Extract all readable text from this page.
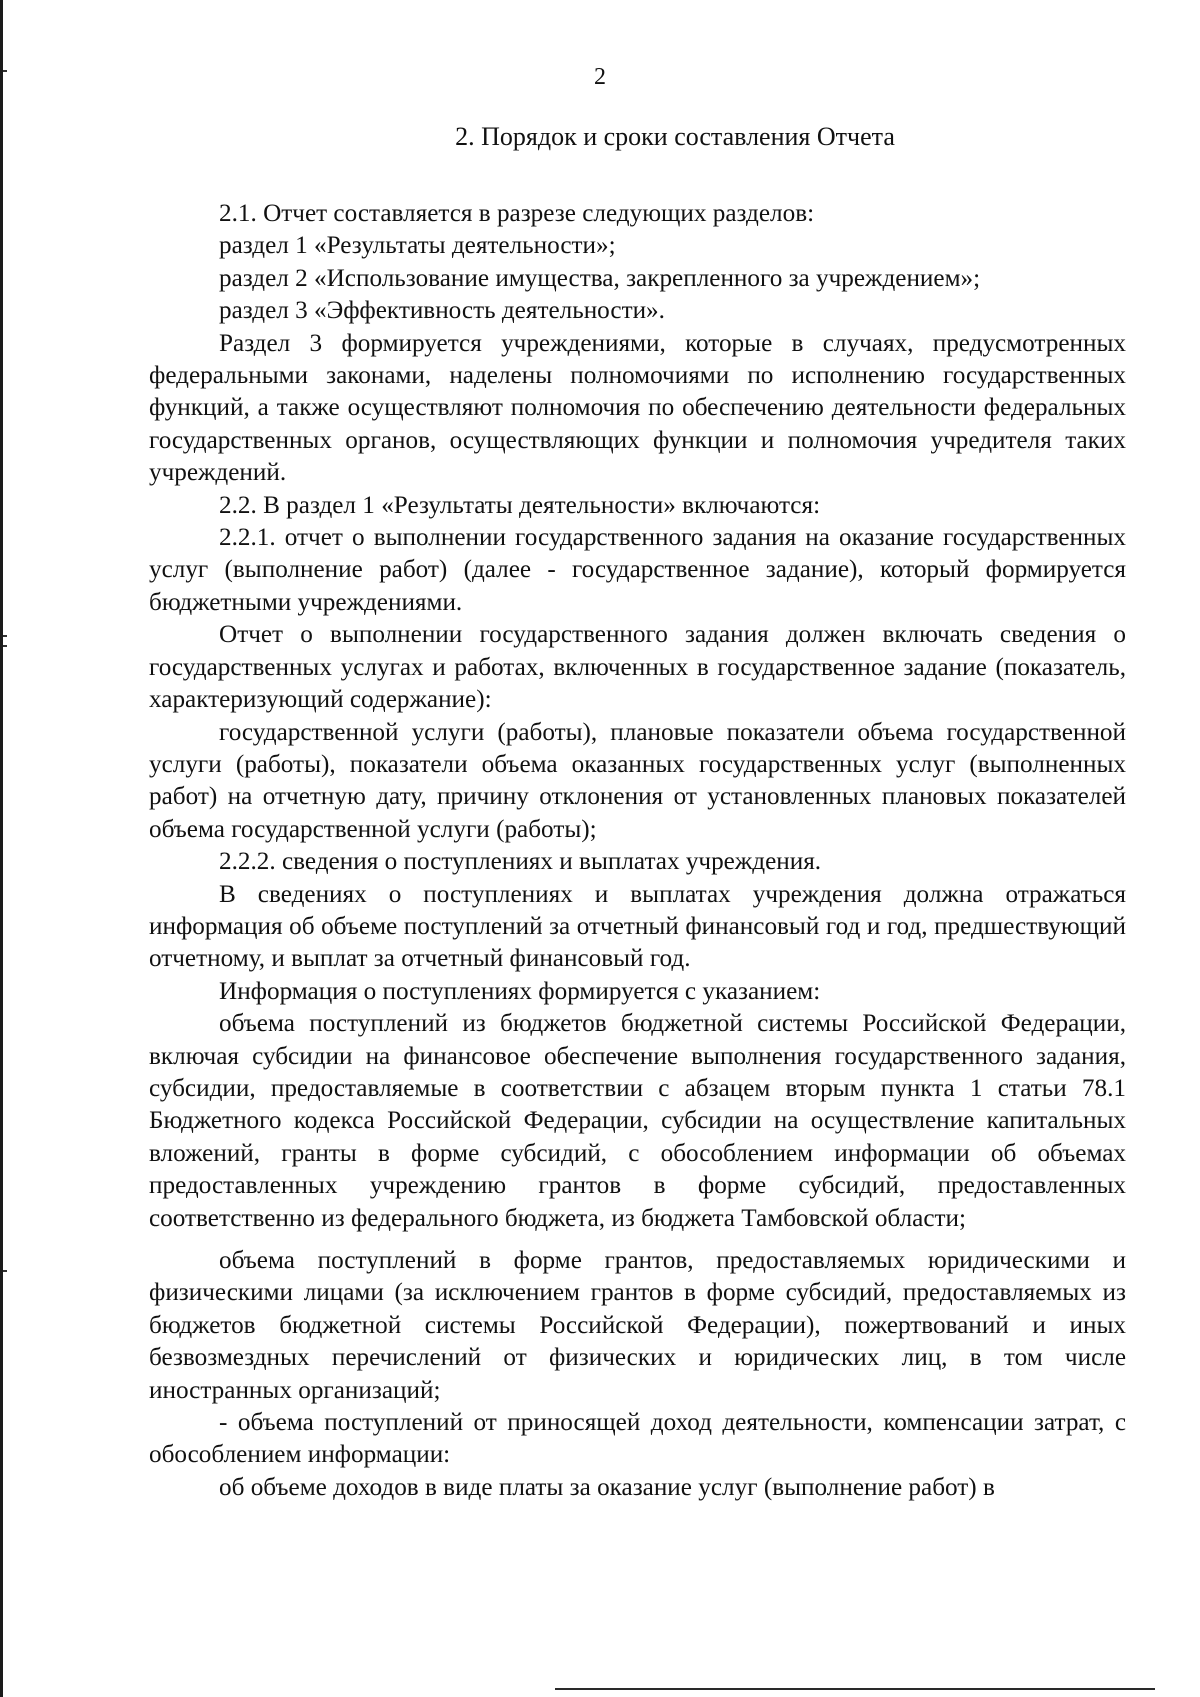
2
2. Порядок и сроки составления Отчета

2.1. Отчет составляется в разрезе следующих разделов:

раздел 1 «Результаты деятельности»;

раздел 2 «Использование имущества, закрепленного за учреждением»;

раздел 3 «Эффективность деятельности».

Раздел 3 формируется учреждениями, которые в случаях, предусмотренных федеральными законами, наделены полномочиями по исполнению государственных функций, а также осуществляют полномочия по обеспечению деятельности федеральных государственных органов, осуществляющих функции и полномочия учредителя таких учреждений.

2.2. В раздел 1 «Результаты деятельности» включаются:

2.2.1. отчет о выполнении государственного задания на оказание государственных услуг (выполнение работ) (далее - государственное задание), который формируется бюджетными учреждениями.

Отчет о выполнении государственного задания должен включать сведения о государственных услугах и работах, включенных в государственное задание (показатель, характеризующий содержание):

государственной услуги (работы), плановые показатели объема государственной услуги (работы), показатели объема оказанных государственных услуг (выполненных работ) на отчетную дату, причину отклонения от установленных плановых показателей объема государственной услуги (работы);

2.2.2. сведения о поступлениях и выплатах учреждения.

В сведениях о поступлениях и выплатах учреждения должна отражаться информация об объеме поступлений за отчетный финансовый год и год, предшествующий отчетному, и выплат за отчетный финансовый год.

Информация о поступлениях формируется с указанием:

объема поступлений из бюджетов бюджетной системы Российской Федерации, включая субсидии на финансовое обеспечение выполнения государственного задания, субсидии, предоставляемые в соответствии с абзацем вторым пункта 1 статьи 78.1 Бюджетного кодекса Российской Федерации, субсидии на осуществление капитальных вложений, гранты в форме субсидий, с обособлением информации об объемах предоставленных учреждению грантов в форме субсидий, предоставленных соответственно из федерального бюджета, из бюджета Тамбовской области;

объема поступлений в форме грантов, предоставляемых юридическими и физическими лицами (за исключением грантов в форме субсидий, предоставляемых из бюджетов бюджетной системы Российской Федерации), пожертвований и иных безвозмездных перечислений от физических и юридических лиц, в том числе иностранных организаций;

- объема поступлений от приносящей доход деятельности, компенсации затрат, с обособлением информации:

об объеме доходов в виде платы за оказание услуг (выполнение работ) в
